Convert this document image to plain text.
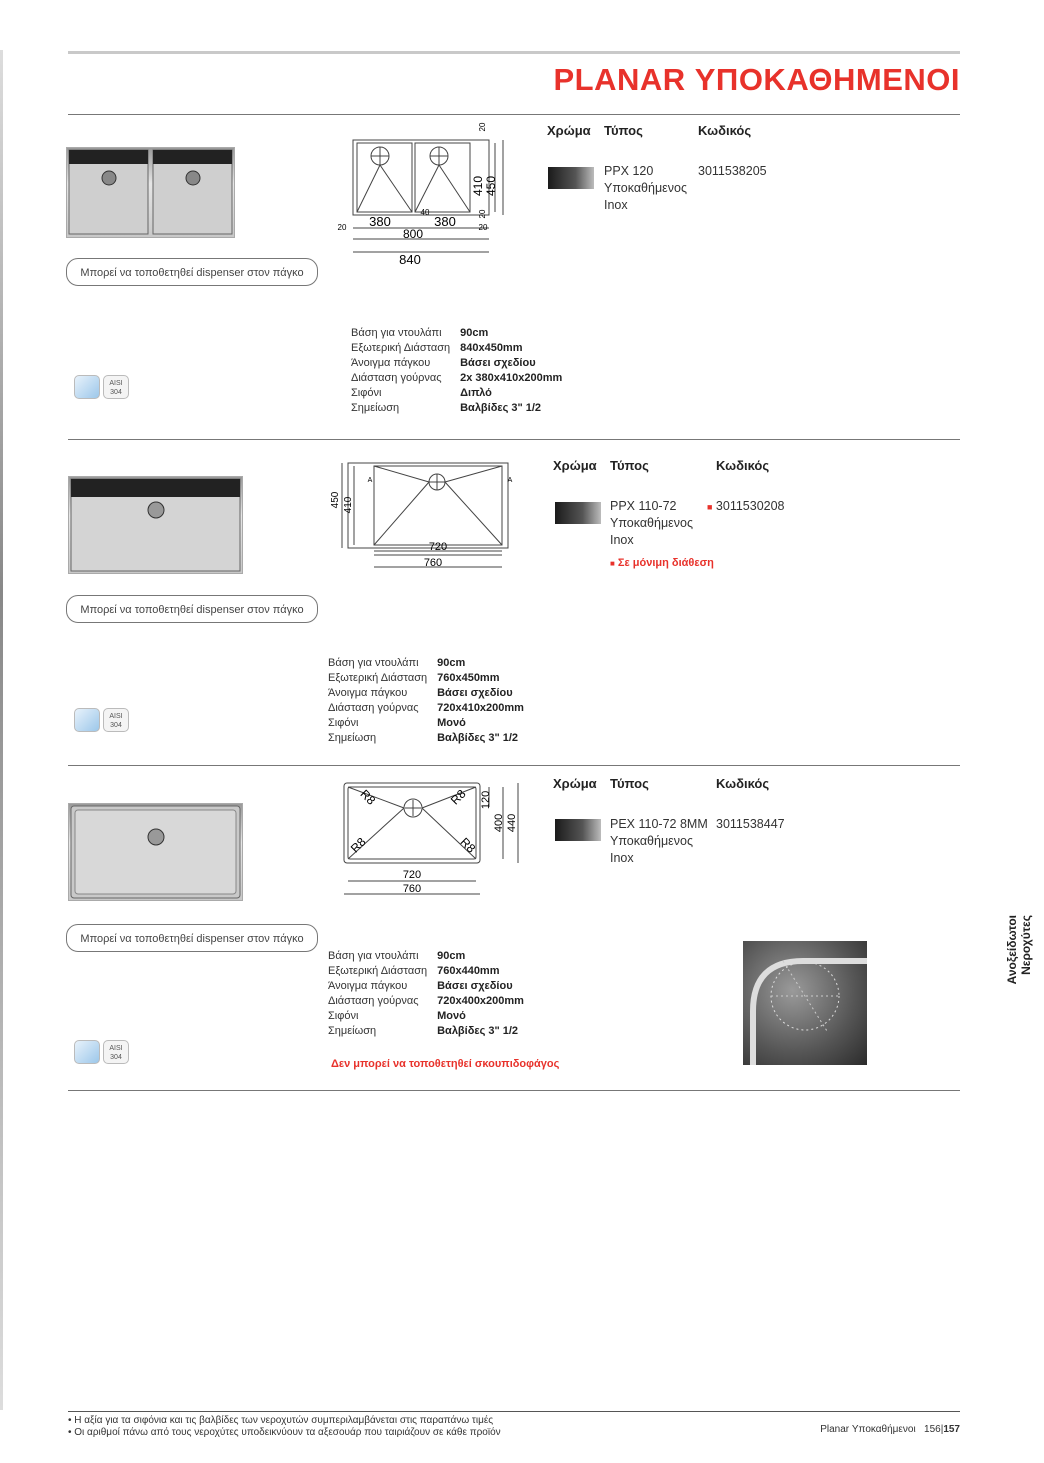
PLANAR ΥΠΟΚΑΘΗΜΕΝΟΙ
Μπορεί να τοποθετηθεί dispenser στον πάγκο
380	380
40
800
840
20	20
410 450
20
20
Χρώμα Τύπος	Κωδικός
PPX 120
Υποκαθήμενος
Inox
3011538205
Βάση για ντουλάπι	90cm
Εξωτερική Διάσταση	840x450mm
Άνοιγμα πάγκου	Βάσει σχεδίου
Διάσταση γούρνας	2x 380x410x200mm
Σιφόνι	Διπλό
Σημείωση	Βαλβίδες 3" 1/2
AISI
304
Μπορεί να τοποθετηθεί dispenser στον πάγκο
720
760
450 410
A	A
Χρώμα Τύπος	Κωδικός
PPX 110-72
Υποκαθήμενος
Inox
■ 3011530208
■ Σε μόνιμη διάθεση
Βάση για ντουλάπι	90cm
Εξωτερική Διάσταση	760x450mm
Άνοιγμα πάγκου	Βάσει σχεδίου
Διάσταση γούρνας	720x410x200mm
Σιφόνι	Μονό
Σημείωση	Βαλβίδες 3" 1/2
AISI
304
Μπορεί να τοποθετηθεί dispenser στον πάγκο
R8	R8
R8	R8
720
760
120
400 440
Χρώμα Τύπος	Κωδικός
PEX 110-72 8MM
Υποκαθήμενος
Inox
3011538447
Βάση για ντουλάπι	90cm
Εξωτερική Διάσταση	760x440mm
Άνοιγμα πάγκου	Βάσει σχεδίου
Διάσταση γούρνας	720x400x200mm
Σιφόνι	Μονό
Σημείωση	Βαλβίδες 3" 1/2
Δεν μπορεί να τοποθετηθεί σκουπιδοφάγος
AISI
304
Ανοξείδωτοι Νεροχύτες
• Η αξία για τα σιφόνια και τις βαλβίδες των νεροχυτών συμπεριλαμβάνεται στις παραπάνω τιμές
• Οι αριθμοί πάνω από τους νεροχύτες υποδεικνύουν τα αξεσουάρ που ταιριάζουν σε κάθε προϊόν	Planar Υποκαθήμενοι 156|157
